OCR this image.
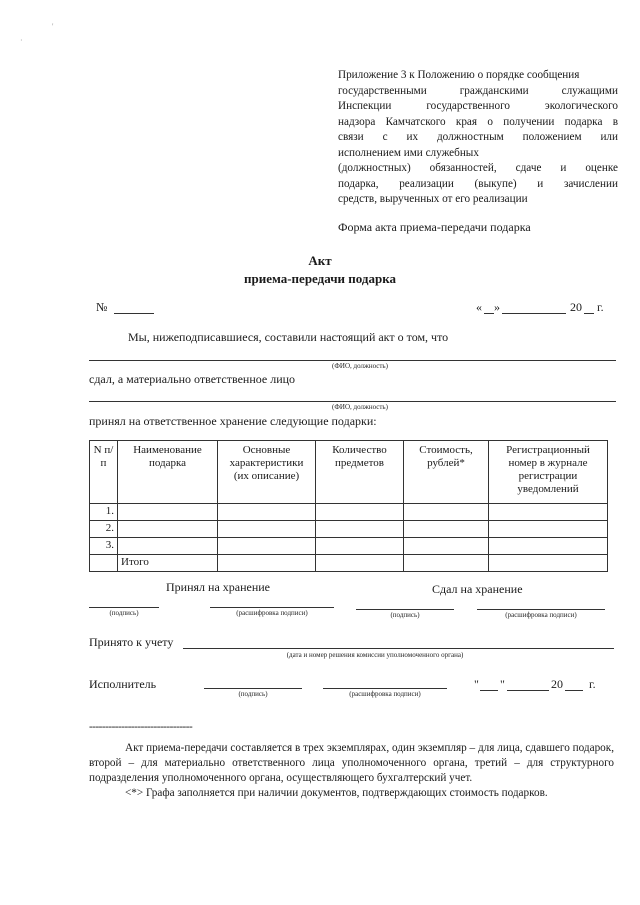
'
·
Приложение 3 к Положению о порядке сообщения
государственными гражданскими служащими
Инспекции государственного экологического
надзора Камчатского края о получении подарка в
связи с их должностным положением или
исполнением ими служебных
(должностных) обязанностей, сдаче и оценке
подарка, реализации (выкупе) и зачислении
средств, вырученных от его реализации
Форма акта приема-передачи подарка
Акт
приема-передачи подарка
№	« »	20 г.
Мы, нижеподписавшиеся, составили настоящий акт о том, что
(ФИО, должность)
сдал, а материально ответственное лицо
(ФИО, должность)
принял на ответственное хранение следующие подарки:
N п/п	Наименование подарка	Основные характеристики (их описание)	Количество предметов	Стоимость, рублей*	Регистрационный номер в журнале регистрации уведомлений
1.					
2.					
3.					
	Итого				
Принял на хранение	Сдал на хранение
(подпись)	(расшифровка подписи)	(подпись)	(расшифровка подписи)
Принято к учету
(дата и номер решения комиссии уполномоченного органа)
Исполнитель
(подпись)	(расшифровка подписи)
" "	20 г.
--------------------------------

Акт приема-передачи составляется в трех экземплярах, один экземпляр – для лица, сдавшего подарок, второй – для материально ответственного лица уполномоченного органа, третий – для структурного подразделения уполномоченного органа, осуществляющего бухгалтерский учет.

<*> Графа заполняется при наличии документов, подтверждающих стоимость подарков.
